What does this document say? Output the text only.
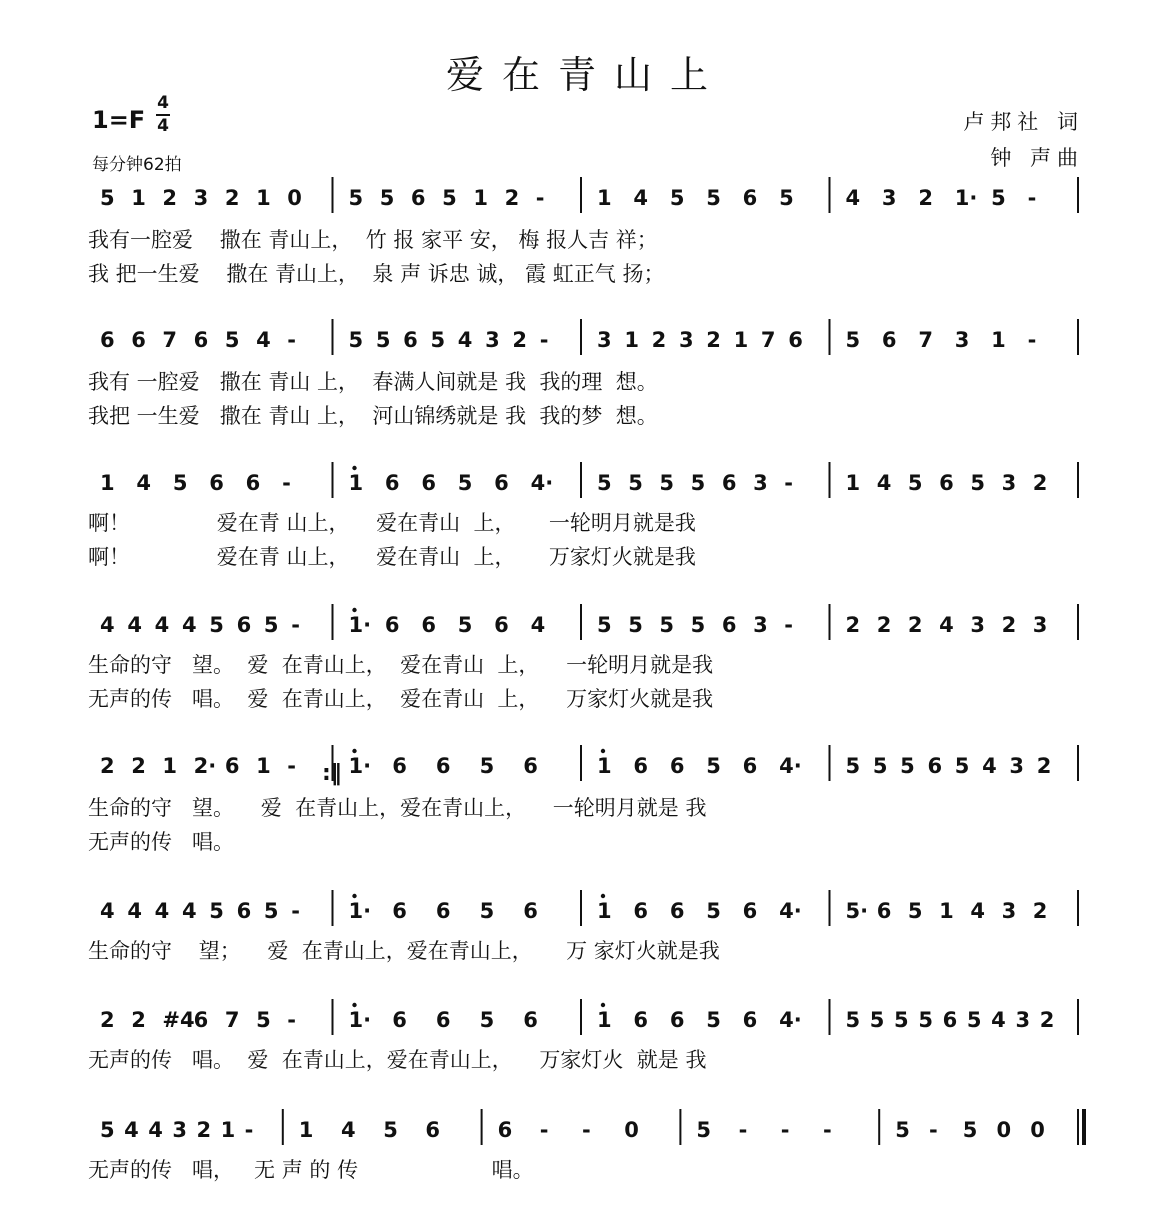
爱在青山上
1=F
4
4
每分钟62拍
卢邦社 词
钟 声曲
5 1 2 3 2 1 0 5 5 6 5 1 2 - 1 4 5 5 6 5 4 3 2 1· 5 -
我有一腔爱    撒在 青山上，  竹 报 家平 安， 梅 报人吉 祥；
我 把一生爱    撒在 青山上，  泉 声 诉忠 诚， 霞 虹正气 扬；
6 6 7 6 5 4 - 5 5 6 5 4 3 2 - 3 1 2 3 2 1 7 6 5 6 7 3 1 -
我有 一腔爱   撒在 青山 上，  春满人间就是 我  我的理  想。
我把 一生爱   撒在 青山 上，  河山锦绣就是 我  我的梦  想。
1 4 5 6 6 -	1 6 6 5 6 4· 5 5 5 5 6 3 - 1 4 5 6 5 3 2
啊！             爱在青 山上，    爱在青山  上，     一轮明月就是我
啊！             爱在青 山上，    爱在青山  上，     万家灯火就是我
4 4 4 4 5 6 5 - 1· 6 6 5 6 4 5 5 5 5 6 3 - 2 2 2 4 3 2 3
生命的守   望。  爱  在青山上，  爱在青山  上，    一轮明月就是我
无声的传   唱。  爱  在青山上，  爱在青山  上，    万家灯火就是我
2 2 1 2· 6 1 - 1· 6 6 5 6	1 6 6 5 6 4· 5 5 5 6 5 4 3 2
生命的守   望。    爱  在青山上，爱在青山上，    一轮明月就是 我
无声的传   唱。
4 4 4 4 5 6 5 - 1· 6 6 5 6	1 6 6 5 6 4· 5· 6 5 1 4 3 2
生命的守    望；    爱  在青山上，爱在青山上，     万 家灯火就是我
2 2 #4
6 7 5 - 1· 6 6 5 6	1 6 6 5 6 4· 5 5 5 5 6 5 4 3 2
无声的传   唱。  爱  在青山上，爱在青山上，    万家灯火  就是 我
5 4 4 3 2 1 - 1 4 5 6	6 - - 0	5 - - -	5 - 5 0 0
无声的传   唱，   无 声 的 传                    唱。
:‖
